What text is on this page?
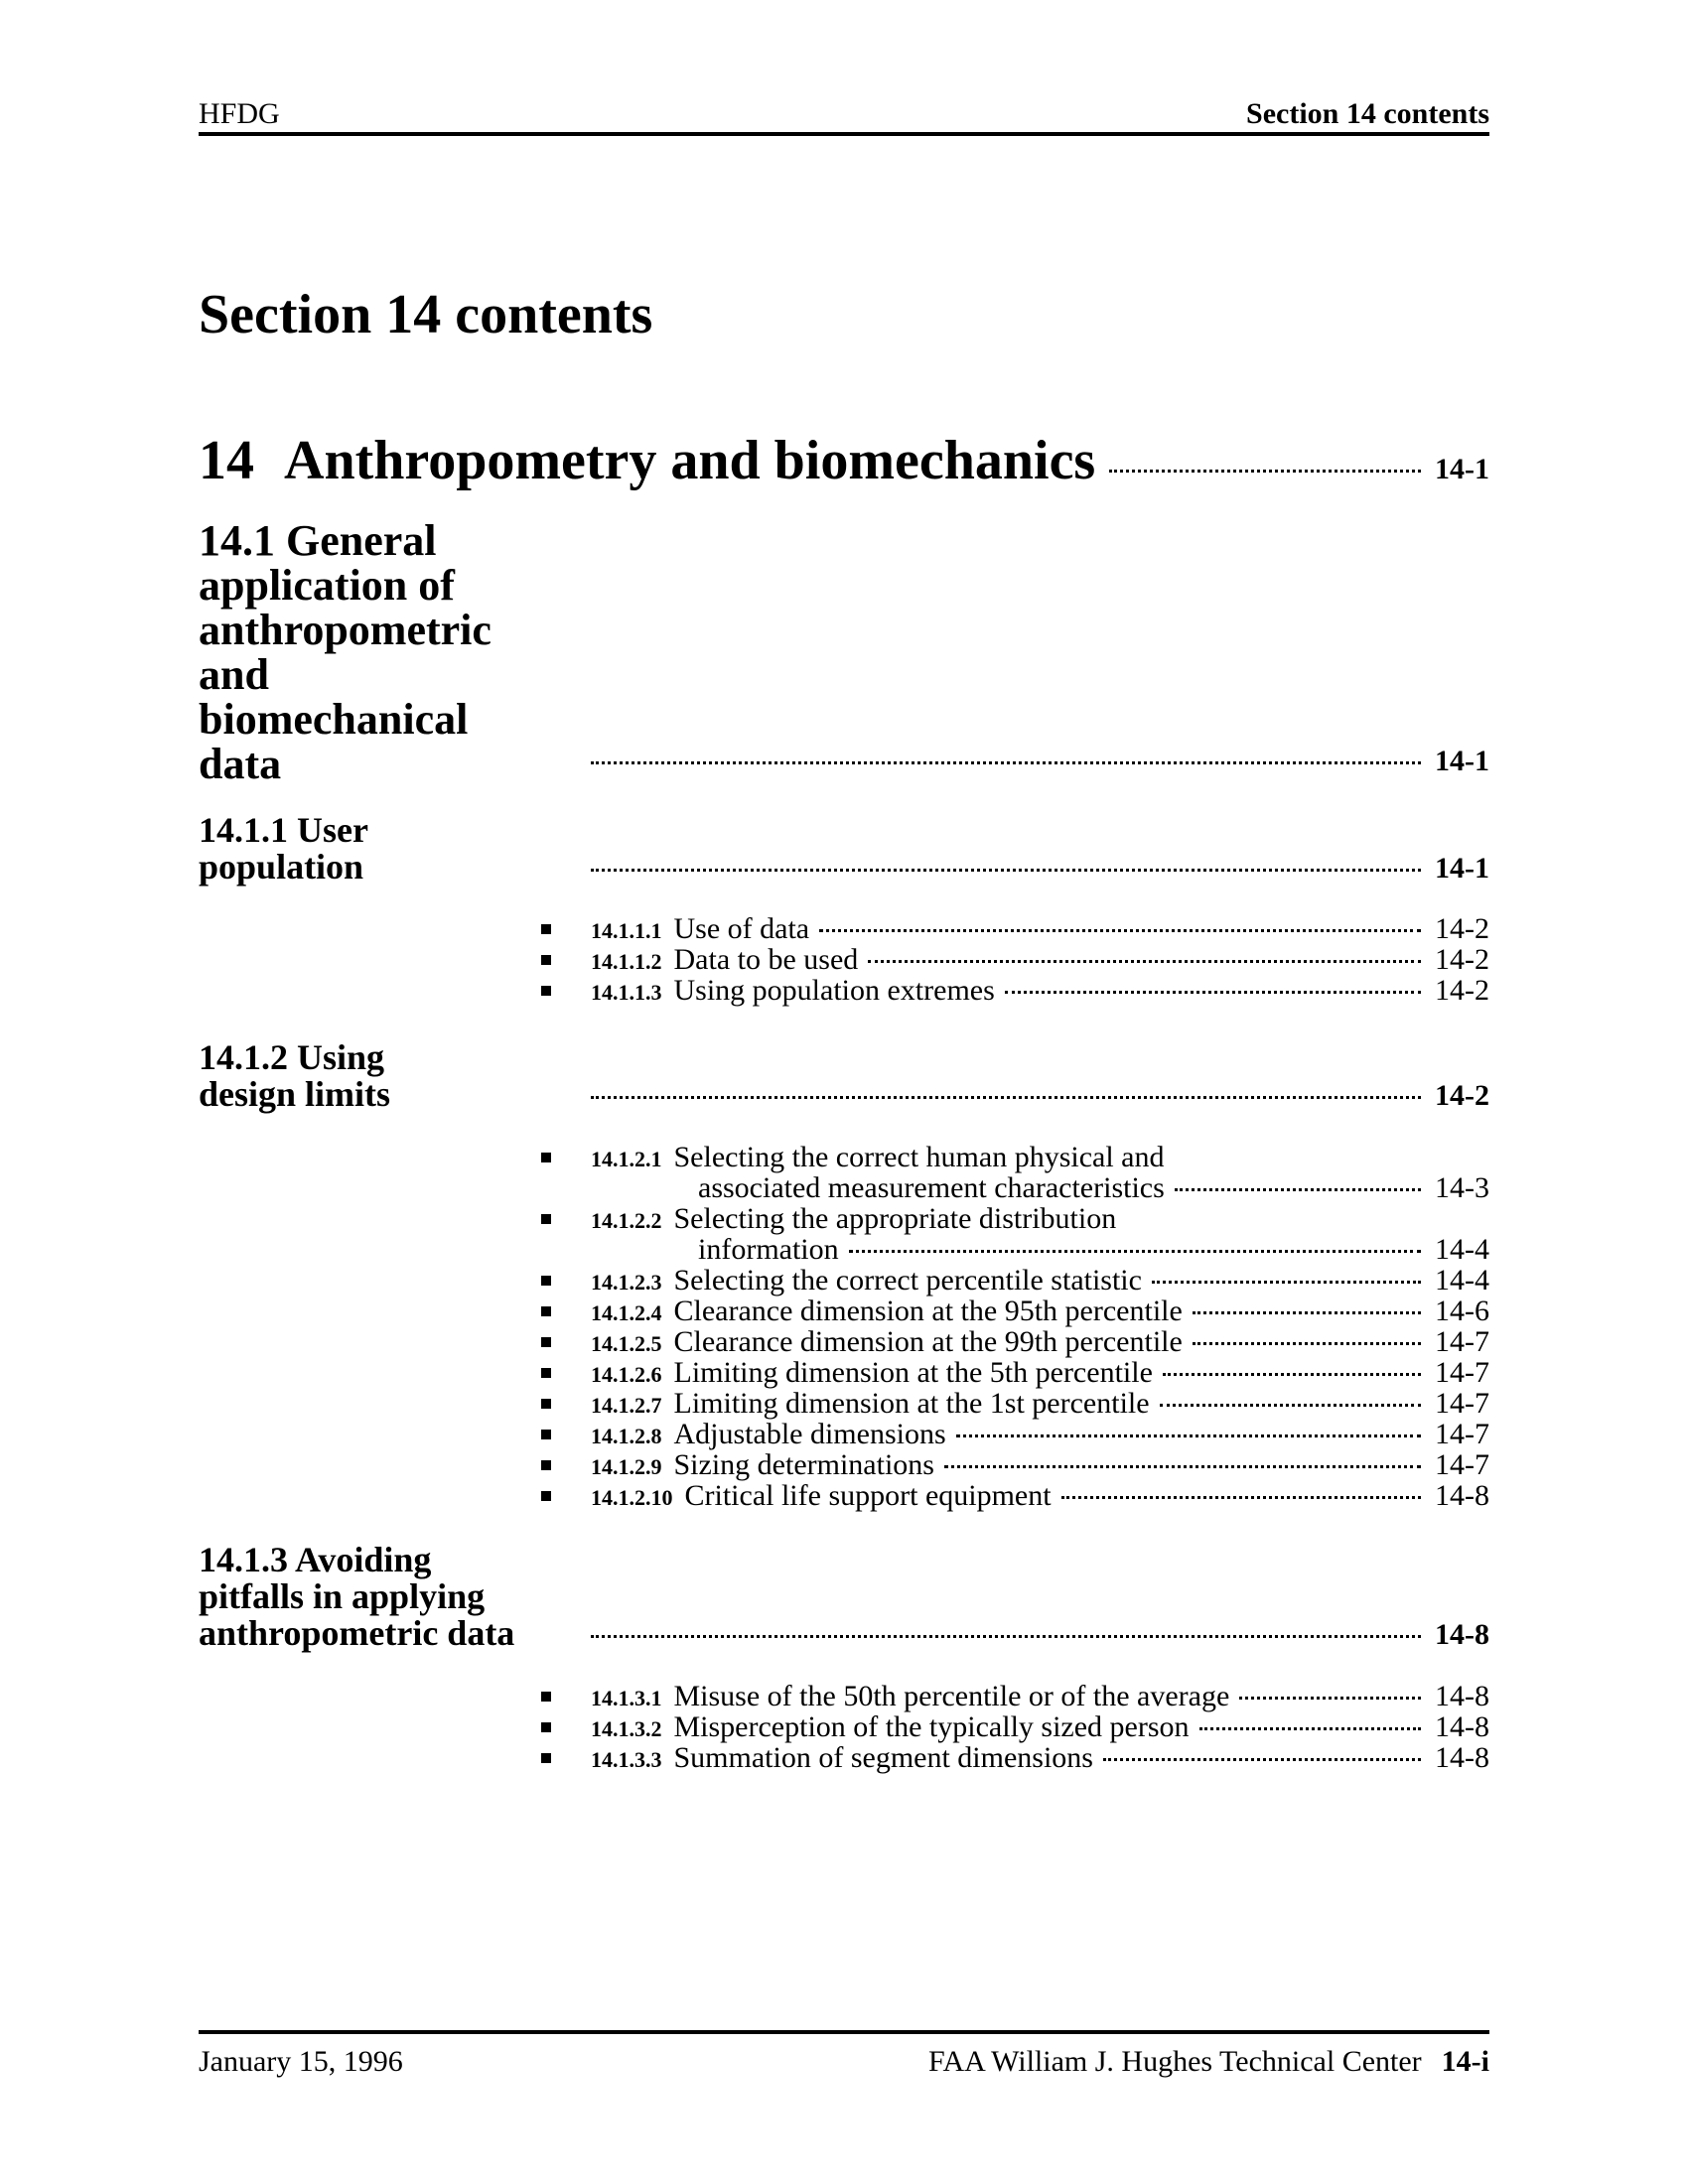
HFDG	Section 14 contents
Section 14 contents
14 Anthropometry and biomechanics	14-1
14.1 General
application of
anthropometric
and
biomechanical
data	14-1
14.1.1 User
population	14-1
14.1.1.1 Use of data	14-2
14.1.1.2 Data to be used	14-2
14.1.1.3 Using population extremes	14-2
14.1.2 Using
design limits	14-2
14.1.2.1 Selecting the correct human physical and
associated measurement characteristics	14-3
14.1.2.2 Selecting the appropriate distribution
information	14-4
14.1.2.3 Selecting the correct percentile statistic	14-4
14.1.2.4 Clearance dimension at the 95th percentile	14-6
14.1.2.5 Clearance dimension at the 99th percentile	14-7
14.1.2.6 Limiting dimension at the 5th percentile	14-7
14.1.2.7 Limiting dimension at the 1st percentile	14-7
14.1.2.8 Adjustable dimensions	14-7
14.1.2.9 Sizing determinations	14-7
14.1.2.10 Critical life support equipment	14-8
14.1.3 Avoiding
pitfalls in applying
anthropometric data	14-8
14.1.3.1 Misuse of the 50th percentile or of the average	14-8
14.1.3.2 Misperception of the typically sized person	14-8
14.1.3.3 Summation of segment dimensions	14-8
January 15, 1996	FAA William J. Hughes Technical Center 14-i
